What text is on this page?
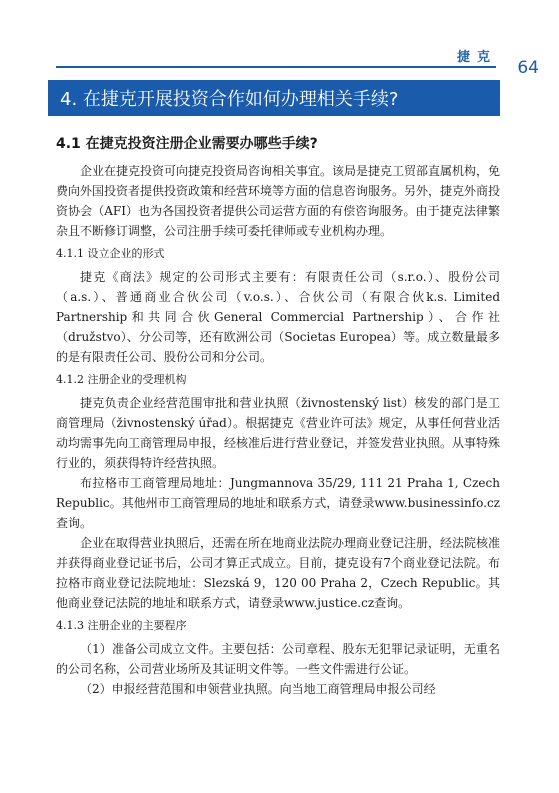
捷克
64
4. 在捷克开展投资合作如何办理相关手续?
4.1 在捷克投资注册企业需要办哪些手续?

企业在捷克投资可向捷克投资局咨询相关事宜。该局是捷克工贸部直属机构，免费向外国投资者提供投资政策和经营环境等方面的信息咨询服务。另外，捷克外商投资协会（AFI）也为各国投资者提供公司运营方面的有偿咨询服务。由于捷克法律繁杂且不断修订调整，公司注册手续可委托律师或专业机构办理。

4.1.1 设立企业的形式

捷克《商法》规定的公司形式主要有：有限责任公司（s.r.o.）、股份公司（a.s.）、普通商业合伙公司（v.o.s.）、合伙公司（有限合伙k.s. Limited Partnership和共同合伙General Commercial Partnership）、合作社（družstvo）、分公司等，还有欧洲公司（Societas Europea）等。成立数量最多的是有限责任公司、股份公司和分公司。

4.1.2 注册企业的受理机构

捷克负责企业经营范围审批和营业执照（živnostenský list）核发的部门是工商管理局（živnostenský úřad）。根据捷克《营业许可法》规定，从事任何营业活动均需事先向工商管理局申报，经核准后进行营业登记，并签发营业执照。从事特殊行业的，须获得特许经营执照。

布拉格市工商管理局地址：Jungmannova 35/29, 111 21 Praha 1, Czech Republic。其他州市工商管理局的地址和联系方式，请登录www.businessinfo.cz查询。

企业在取得营业执照后，还需在所在地商业法院办理商业登记注册，经法院核准并获得商业登记证书后，公司才算正式成立。目前，捷克设有7个商业登记法院。布拉格市商业登记法院地址：Slezská 9，120 00 Praha 2，Czech Republic。其他商业登记法院的地址和联系方式，请登录www.justice.cz查询。

4.1.3 注册企业的主要程序

（1）准备公司成立文件。主要包括：公司章程、股东无犯罪记录证明，无重名的公司名称，公司营业场所及其证明文件等。一些文件需进行公证。

（2）申报经营范围和申领营业执照。向当地工商管理局申报公司经
